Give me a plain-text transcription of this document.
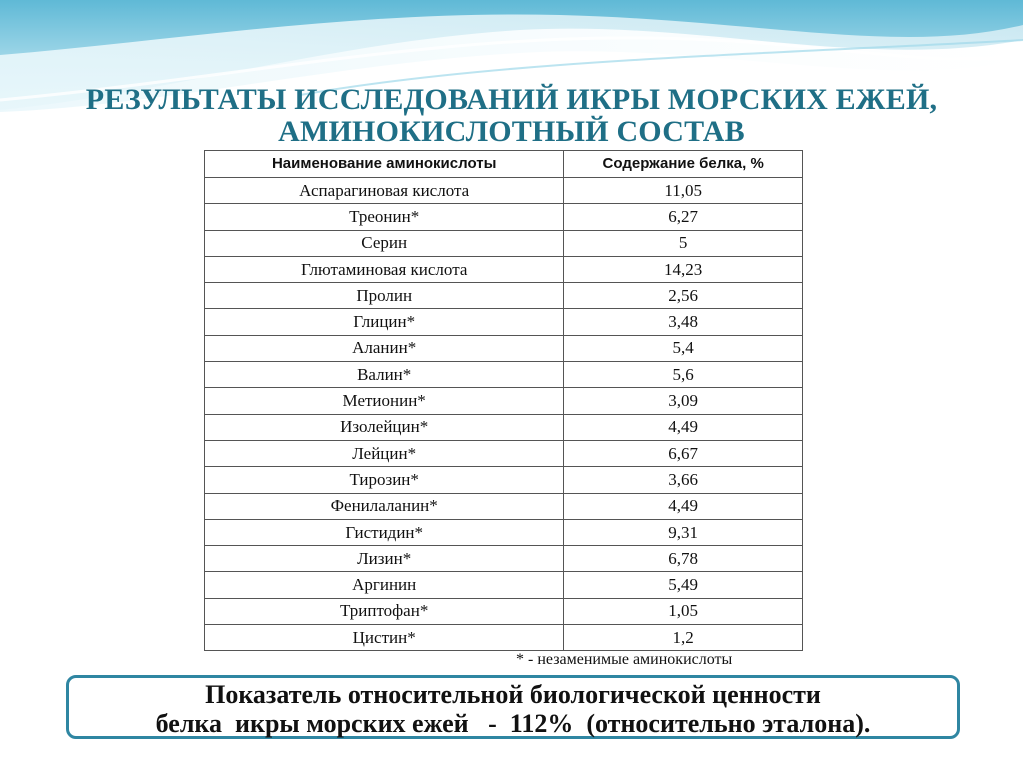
РЕЗУЛЬТАТЫ ИССЛЕДОВАНИЙ ИКРЫ МОРСКИХ ЕЖЕЙ,
АМИНОКИСЛОТНЫЙ СОСТАВ
Наименование аминокислоты	Содержание белка, %
Аспарагиновая кислота	11,05
Треонин*	6,27
Серин	5
Глютаминовая кислота	14,23
Пролин	2,56
Глицин*	3,48
Аланин*	5,4
Валин*	5,6
Метионин*	3,09
Изолейцин*	4,49
Лейцин*	6,67
Тирозин*	3,66
Фенилаланин*	4,49
Гистидин*	9,31
Лизин*	6,78
Аргинин	5,49
Триптофан*	1,05
Цистин*	1,2
* - незаменимые аминокислоты
Показатель относительной биологической ценности
белка  икры морских ежей   -  112%  (относительно эталона).
